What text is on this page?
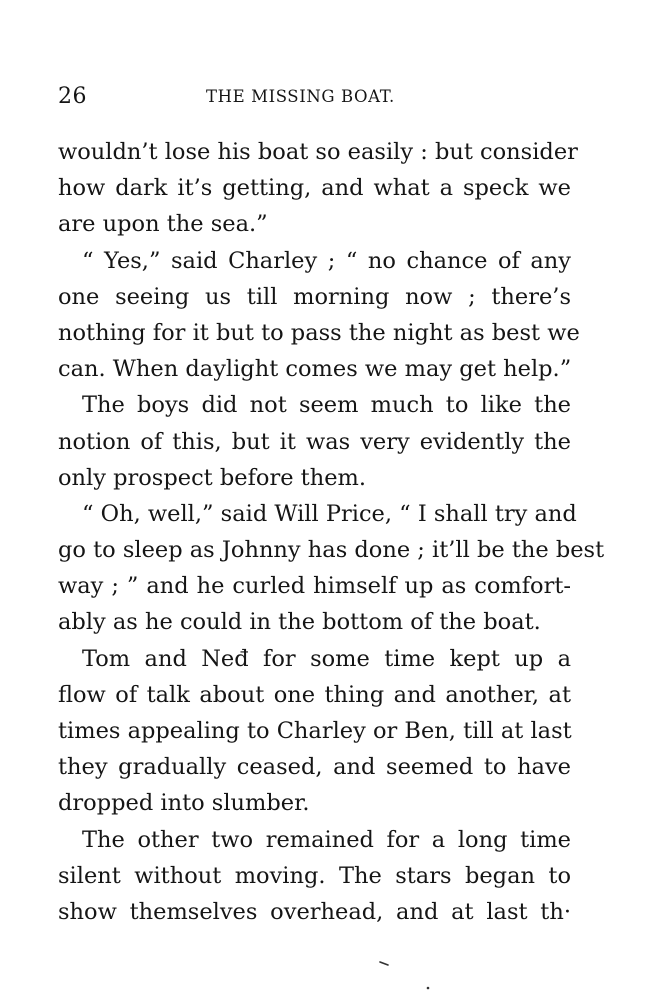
26	THE MISSING BOAT.

wouldn’t lose his boat so easily : but consider
how dark it’s getting, and what a speck we
are upon the sea.”

“ Yes,” said Charley ; “ no chance of any
one seeing us till morning now ; there’s
nothing for it but to pass the night as best we
can. When daylight comes we may get help.”

The boys did not seem much to like the
notion of this, but it was very evidently the
only prospect before them.

“ Oh, well,” said Will Price, “ I shall try and
go to sleep as Johnny has done ; it’ll be the best
way ; ” and he curled himself up as comfort-
ably as he could in the bottom of the boat.

Tom and Neđ for some time kept up a
flow of talk about one thing and another, at
times appealing to Charley or Ben, till at last
they gradually ceased, and seemed to have
dropped into slumber.

The other two remained for a long time
silent without moving. The stars began to
show themselves overhead, and at last th·
